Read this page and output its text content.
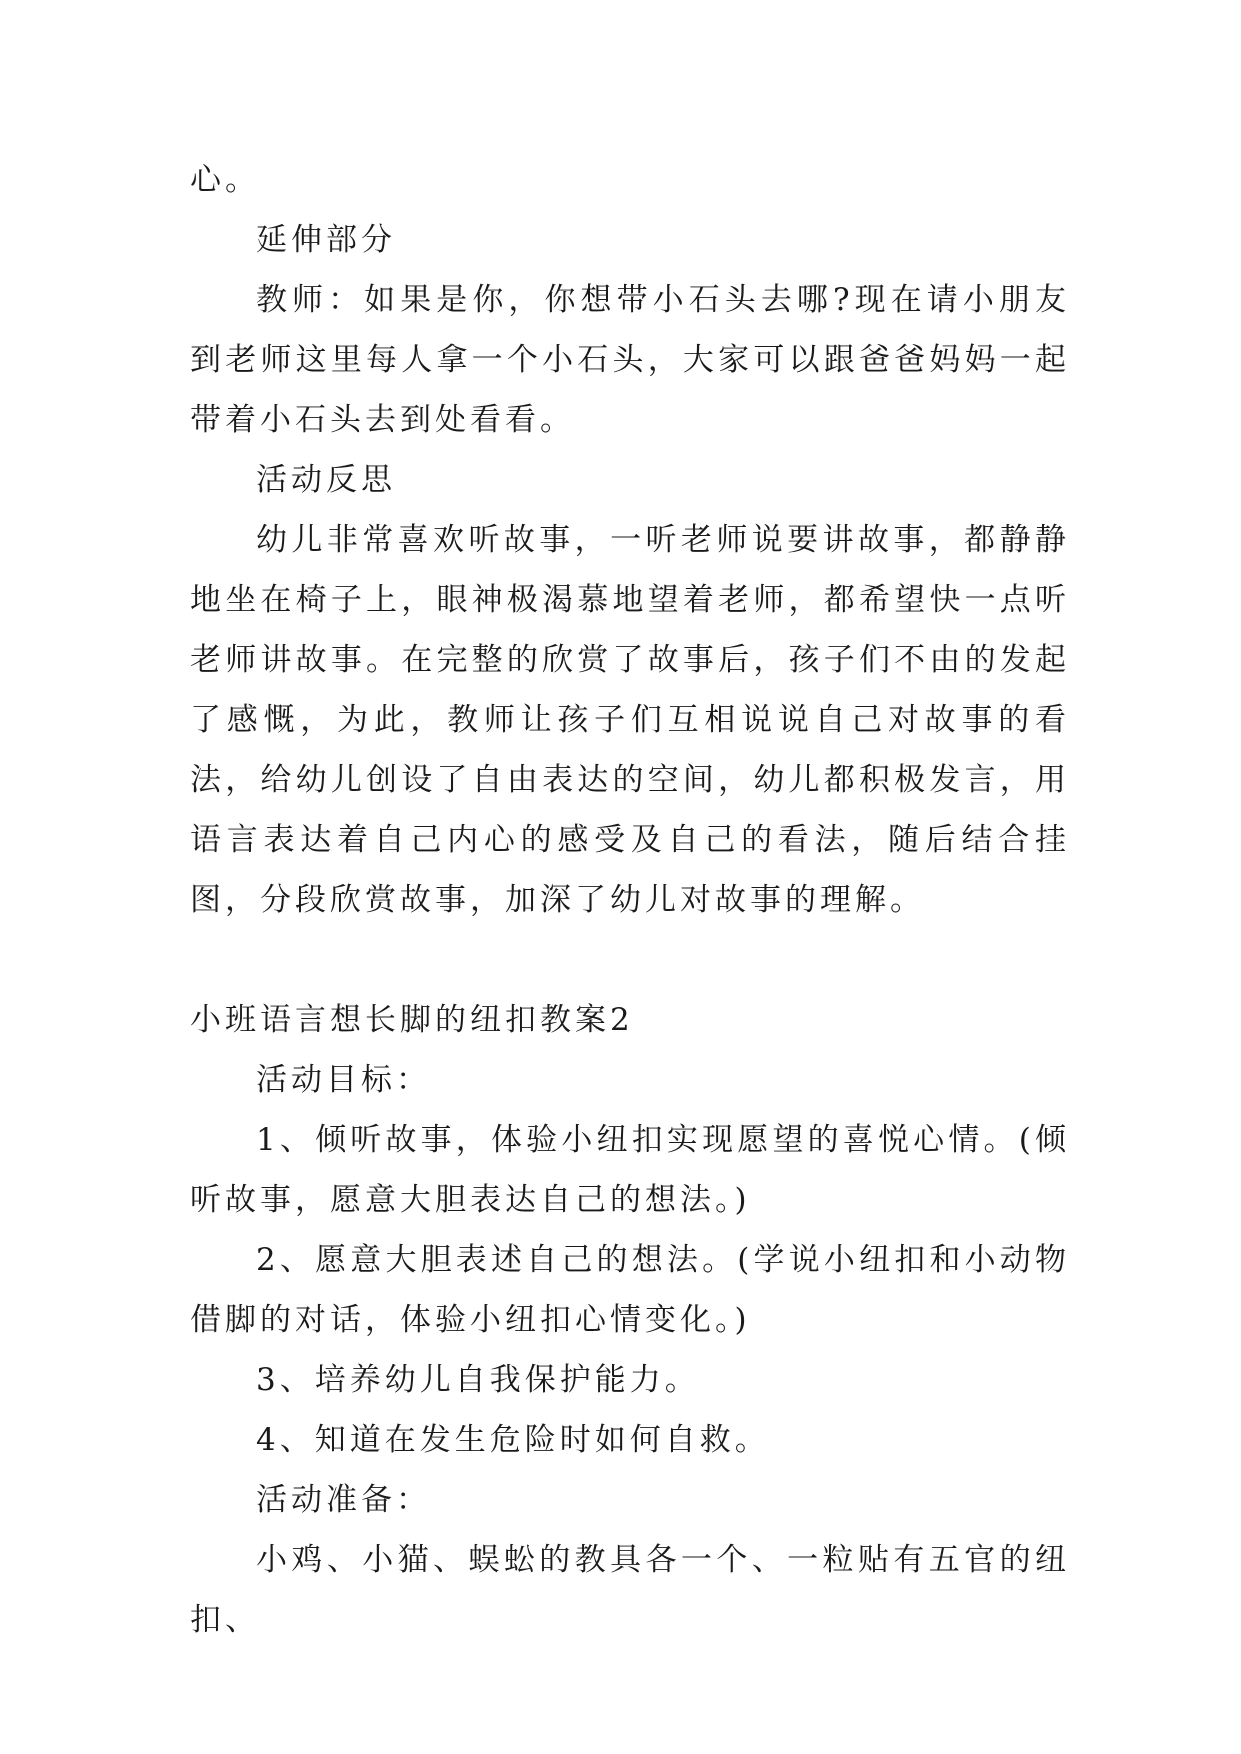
心。

延伸部分

教师：如果是你，你想带小石头去哪?现在请小朋友到老师这里每人拿一个小石头，大家可以跟爸爸妈妈一起带着小石头去到处看看。

活动反思

幼儿非常喜欢听故事，一听老师说要讲故事，都静静地坐在椅子上，眼神极渴慕地望着老师，都希望快一点听老师讲故事。在完整的欣赏了故事后，孩子们不由的发起了感慨，为此，教师让孩子们互相说说自己对故事的看法，给幼儿创设了自由表达的空间，幼儿都积极发言，用语言表达着自己内心的感受及自己的看法，随后结合挂图，分段欣赏故事，加深了幼儿对故事的理解。

小班语言想长脚的纽扣教案2

活动目标：

1、倾听故事，体验小纽扣实现愿望的喜悦心情。(倾听故事，愿意大胆表达自己的想法。)

2、愿意大胆表述自己的想法。(学说小纽扣和小动物借脚的对话，体验小纽扣心情变化。)

3、培养幼儿自我保护能力。

4、知道在发生危险时如何自救。

活动准备：

小鸡、小猫、蜈蚣的教具各一个、一粒贴有五官的纽扣、
